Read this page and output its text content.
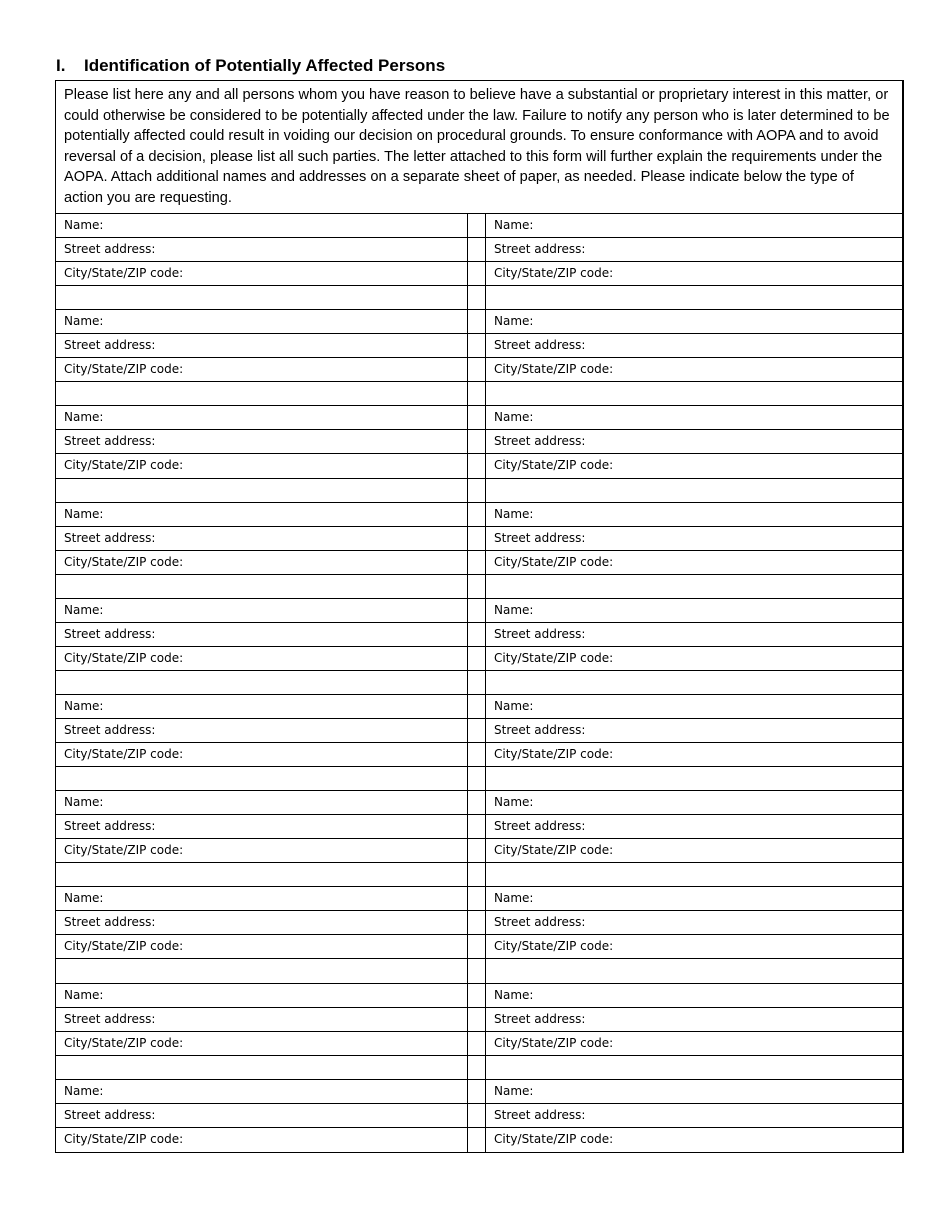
I. Identification of Potentially Affected Persons
Please list here any and all persons whom you have reason to believe have a substantial or proprietary interest in this matter, or could otherwise be considered to be potentially affected under the law. Failure to notify any person who is later determined to be potentially affected could result in voiding our decision on procedural grounds. To ensure conformance with AOPA and to avoid reversal of a decision, please list all such parties. The letter attached to this form will further explain the requirements under the AOPA. Attach additional names and addresses on a separate sheet of paper, as needed. Please indicate below the type of action you are requesting.
Name:	Name:
Street address:	Street address:
City/State/ZIP code:	City/State/ZIP code:
Name:	Name:
Street address:	Street address:
City/State/ZIP code:	City/State/ZIP code:
Name:	Name:
Street address:	Street address:
City/State/ZIP code:	City/State/ZIP code:
Name:	Name:
Street address:	Street address:
City/State/ZIP code:	City/State/ZIP code:
Name:	Name:
Street address:	Street address:
City/State/ZIP code:	City/State/ZIP code:
Name:	Name:
Street address:	Street address:
City/State/ZIP code:	City/State/ZIP code:
Name:	Name:
Street address:	Street address:
City/State/ZIP code:	City/State/ZIP code:
Name:	Name:
Street address:	Street address:
City/State/ZIP code:	City/State/ZIP code:
Name:	Name:
Street address:	Street address:
City/State/ZIP code:	City/State/ZIP code:
Name:	Name:
Street address:	Street address:
City/State/ZIP code:	City/State/ZIP code:
